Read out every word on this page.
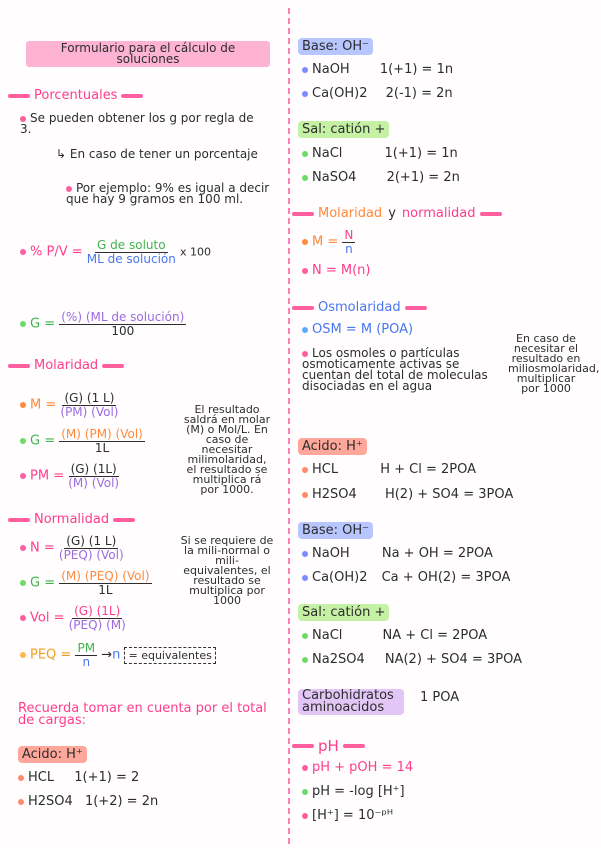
Formulario para el cálculo de soluciones
Porcentuales
Se pueden obtener los g por regla de 3.
↳ En caso de tener un porcentaje
Por ejemplo: 9% es igual a decir que hay 9 gramos en 100 ml.
% $P/V = \frac{\text{G de soluto}}{\text{ML de solución}}$ x 100
$G = \frac{\text{(\%) (ML de solución)}}{100}$
Molaridad
$M = \frac{(G) (1 L)}{\text{(PM) (Vol)}}$
$G = \frac{\text{(M) (PM) (Vol)}}{1L}$
PM = $\frac{(G) (1L)}{\text{(M) (Vol)}}$
El resultado saldrá en molar (M) o Mol/L. En caso de necesitar milimolaridad, el resultado se multiplica rá por 1000.
Normalidad
$N = \frac{(G) (1 L)}{\text{(PEQ) (Vol)}}$
$G = \frac{\text{(M) (PEQ) (Vol)}}{1L}$
Vol = $\frac{(G) (1L)}{\text{(PEQ) (M)}}$
PEQ = $\frac{PM}{n} \to n$ = equivalentes
Si se requiere de la mili-normal o mili-equivalentes, el resultado se multiplica por 1000
Recuerda tomar en cuenta por el total de cargas:
Acido: H⁺
HCL 1(+1) = 2
H2SO4 1(+2) = 2n
Base: OH⁻
NaOH 1(+1) = 1n
Ca(OH)2 2(-1) = 2n
Sal: catión +
NaCl	1(+1) = 1n
NaSO4 2(+1) = 2n
Molaridad y normalidad
$M = \frac{N}{n}$
N = M(n)
Osmolaridad
OSM = M (POA)
Los osmoles o partículas osmoticamente activas se cuentan del total de moleculas disociadas en el agua
En caso de necesitar el resultado en miliosmolaridad, multiplicar por 1000
Acido: H⁺
HCL	H + Cl = 2POA
H2SO4 H(2) + SO4 = 3POA
Base: OH⁻
NaOH Na + OH = 2POA
Ca(OH)2 Ca + OH(2) = 3POA
Sal: catión +
NaCl	NA + Cl = 2POA
Na2SO4 NA(2) + SO4 = 3POA
Carbohidratos aminoacidos
1 POA
pH
pH + pOH = 14
pH = -log [H⁺]
[H⁺] = 10⁻ᵖᴴ
